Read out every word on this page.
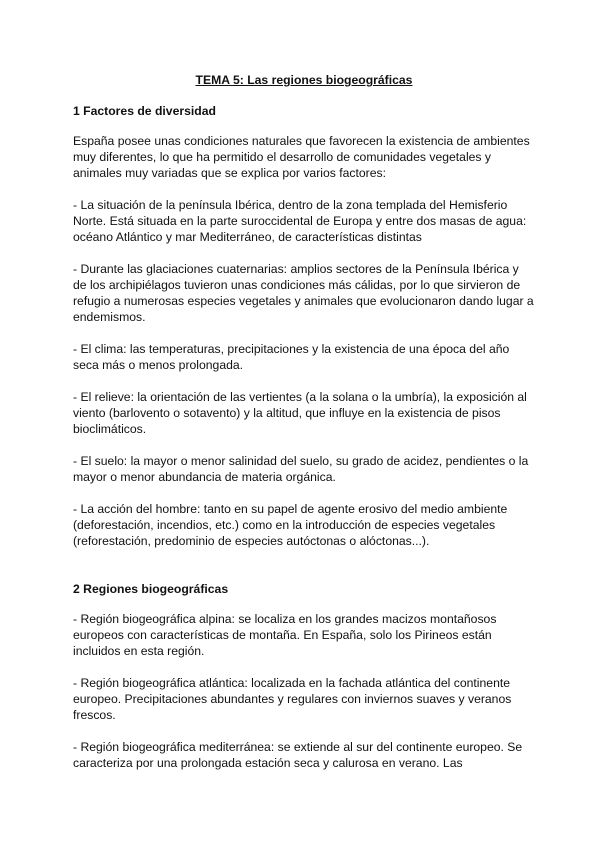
TEMA 5: Las regiones biogeográficas
1 Factores de diversidad

España posee unas condiciones naturales que favorecen la existencia de ambientes muy diferentes, lo que ha permitido el desarrollo de comunidades vegetales y animales muy variadas que se explica por varios factores:

- La situación de la península Ibérica, dentro de la zona templada del Hemisferio Norte. Está situada en la parte suroccidental de Europa y entre dos masas de agua: océano Atlántico y mar Mediterráneo, de características distintas

- Durante las glaciaciones cuaternarias: amplios sectores de la Península Ibérica y de los archipiélagos tuvieron unas condiciones más cálidas, por lo que sirvieron de refugio a numerosas especies vegetales y animales que evolucionaron dando lugar a endemismos.

- El clima: las temperaturas, precipitaciones y la existencia de una época del año seca más o menos prolongada.

- El relieve: la orientación de las vertientes (a la solana o la umbría), la exposición al viento (barlovento o sotavento) y la altitud, que influye en la existencia de pisos bioclimáticos.

- El suelo: la mayor o menor salinidad del suelo, su grado de acidez, pendientes o la mayor o menor abundancia de materia orgánica.

- La acción del hombre: tanto en su papel de agente erosivo del medio ambiente (deforestación, incendios, etc.) como en la introducción de especies vegetales (reforestación, predominio de especies autóctonas o alóctonas...).

2 Regiones biogeográficas

- Región biogeográfica alpina: se localiza en los grandes macizos montañosos europeos con características de montaña. En España, solo los Pirineos están incluidos en esta región.

- Región biogeográfica atlántica: localizada en la fachada atlántica del continente europeo. Precipitaciones abundantes y regulares con inviernos suaves y veranos frescos.

- Región biogeográfica mediterránea: se extiende al sur del continente europeo. Se caracteriza por una prolongada estación seca y calurosa en verano. Las
